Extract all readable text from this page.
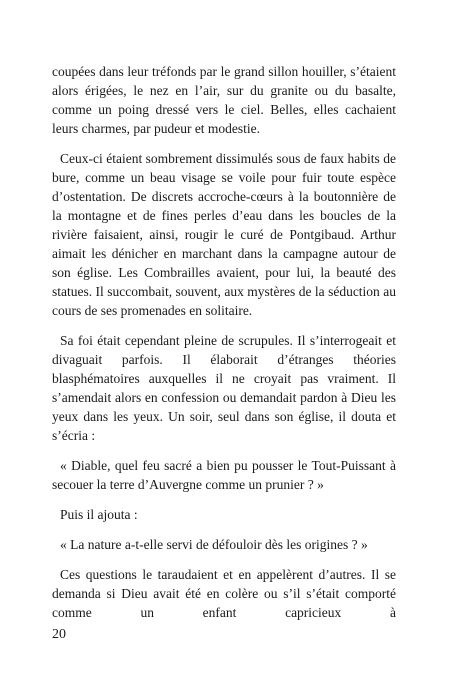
coupées dans leur tréfonds par le grand sillon houiller, s’étaient alors érigées, le nez en l’air, sur du granite ou du basalte, comme un poing dressé vers le ciel. Belles, elles cachaient leurs charmes, par pudeur et modestie.

Ceux-ci étaient sombrement dissimulés sous de faux habits de bure, comme un beau visage se voile pour fuir toute espèce d’ostentation. De discrets accroche-cœurs à la boutonnière de la montagne et de fines perles d’eau dans les boucles de la rivière faisaient, ainsi, rougir le curé de Pontgibaud. Arthur aimait les dénicher en marchant dans la campagne autour de son église. Les Combrailles avaient, pour lui, la beauté des statues. Il succombait, souvent, aux mystères de la séduction au cours de ses promenades en solitaire.

Sa foi était cependant pleine de scrupules. Il s’interrogeait et divaguait parfois. Il élaborait d’étranges théories blasphématoires auxquelles il ne croyait pas vraiment. Il s’amendait alors en confession ou demandait pardon à Dieu les yeux dans les yeux. Un soir, seul dans son église, il douta et s’écria :

« Diable, quel feu sacré a bien pu pousser le Tout-Puissant à secouer la terre d’Auvergne comme un prunier ? »

Puis il ajouta :

« La nature a-t-elle servi de défouloir dès les origines ? »

Ces questions le taraudaient et en appelèrent d’autres. Il se demanda si Dieu avait été en colère ou s’il s’était comporté comme un enfant capricieux à

20
